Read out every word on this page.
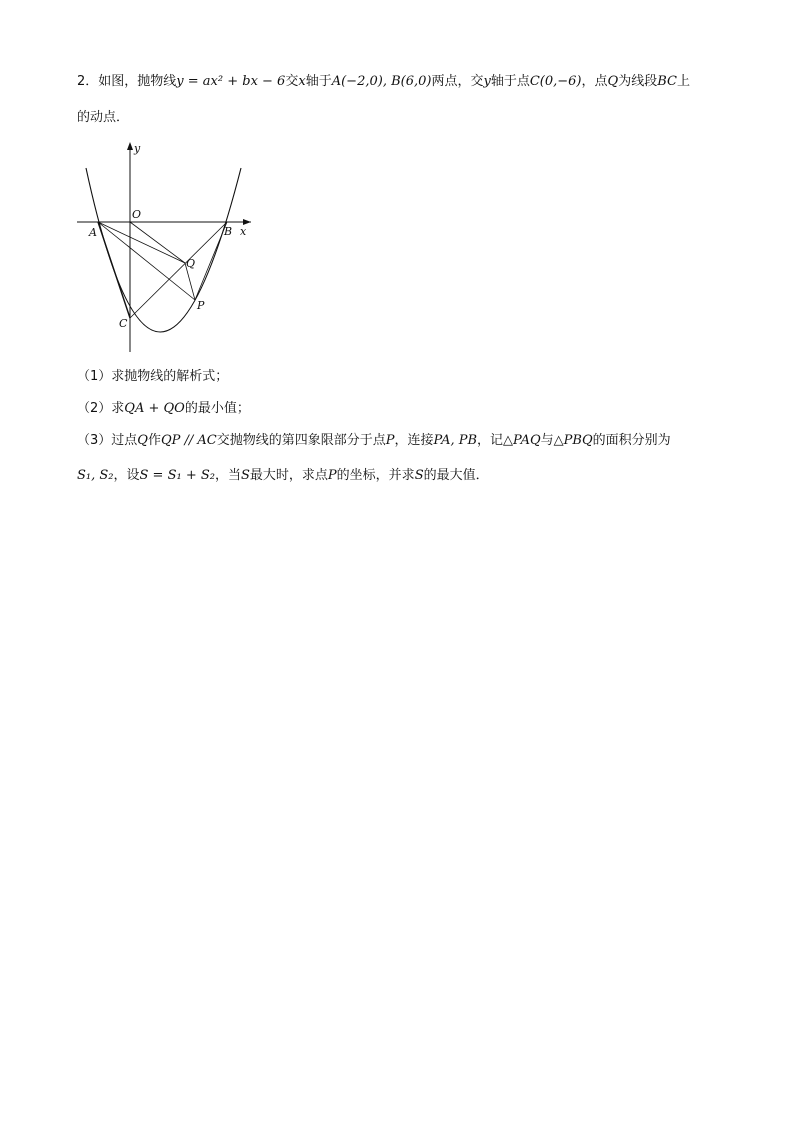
2．如图，抛物线y = ax² + bx − 6交x轴于A(−2,0), B(6,0)两点，交y轴于点C(0,−6)，点Q为线段BC上
的动点．
y
O
A	B x
Q
C
P
（1）求抛物线的解析式；
（2）求QA + QO的最小值；
（3）过点Q作QP // AC交抛物线的第四象限部分于点P，连接PA, PB，记△PAQ与△PBQ的面积分别为
S₁, S₂，设S = S₁ + S₂，当S最大时，求点P的坐标，并求S的最大值．
